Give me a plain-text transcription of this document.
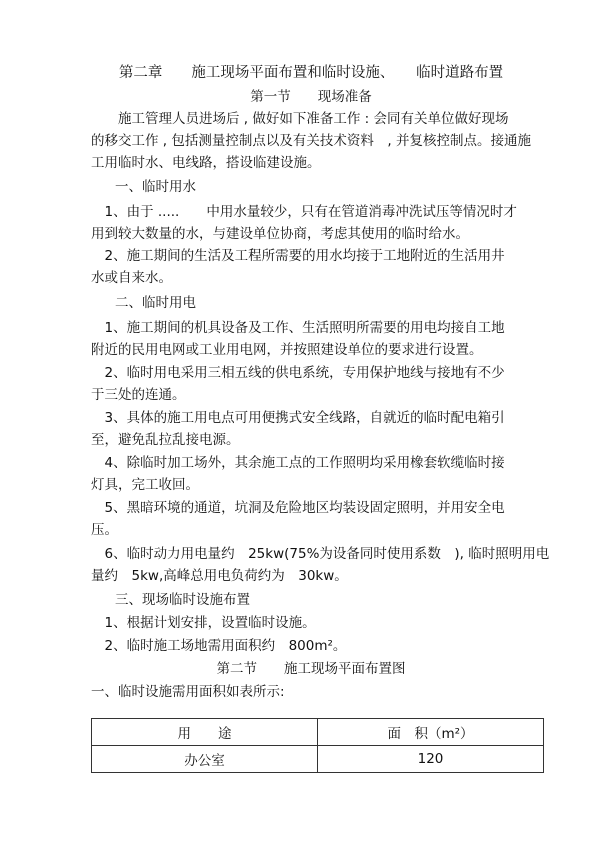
第二章　　施工现场平面布置和临时设施、　　临时道路布置
第一节　　现场准备
　　施工管理人员进场后 , 做好如下准备工作 : 会同有关单位做好现场
的移交工作 , 包括测量控制点以及有关技术资料　, 并复核控制点。接通施
工用临时水、电线路，搭设临建设施。
一、临时用水
　1、由于 .....　　中用水量较少，只有在管道消毒冲洗试压等情况时才
用到较大数量的水，与建设单位协商，考虑其使用的临时给水。
　2、施工期间的生活及工程所需要的用水均接于工地附近的生活用井
水或自来水。
二、临时用电
　1、施工期间的机具设备及工作、生活照明所需要的用电均接自工地
附近的民用电网或工业用电网，并按照建设单位的要求进行设置。
　2、临时用电采用三相五线的供电系统，专用保护地线与接地有不少
于三处的连通。
　3、具体的施工用电点可用便携式安全线路，自就近的临时配电箱引
至，避免乱拉乱接电源。
　4、除临时加工场外，其余施工点的工作照明均采用橡套软缆临时接
灯具，完工收回。
　5、黑暗环境的通道，坑洞及危险地区均装设固定照明，并用安全电
压。
　6、临时动力用电量约　25kw(75%为设备同时使用系数　), 临时照明用电
量约　5kw,高峰总用电负荷约为　30kw。
三、现场临时设施布置
　1、根据计划安排，设置临时设施。
　2、临时施工场地需用面积约　800m²。
第二节　　施工现场平面布置图
一、临时设施需用面积如表所示:
用　　途	面　积（m²）
办公室	120
